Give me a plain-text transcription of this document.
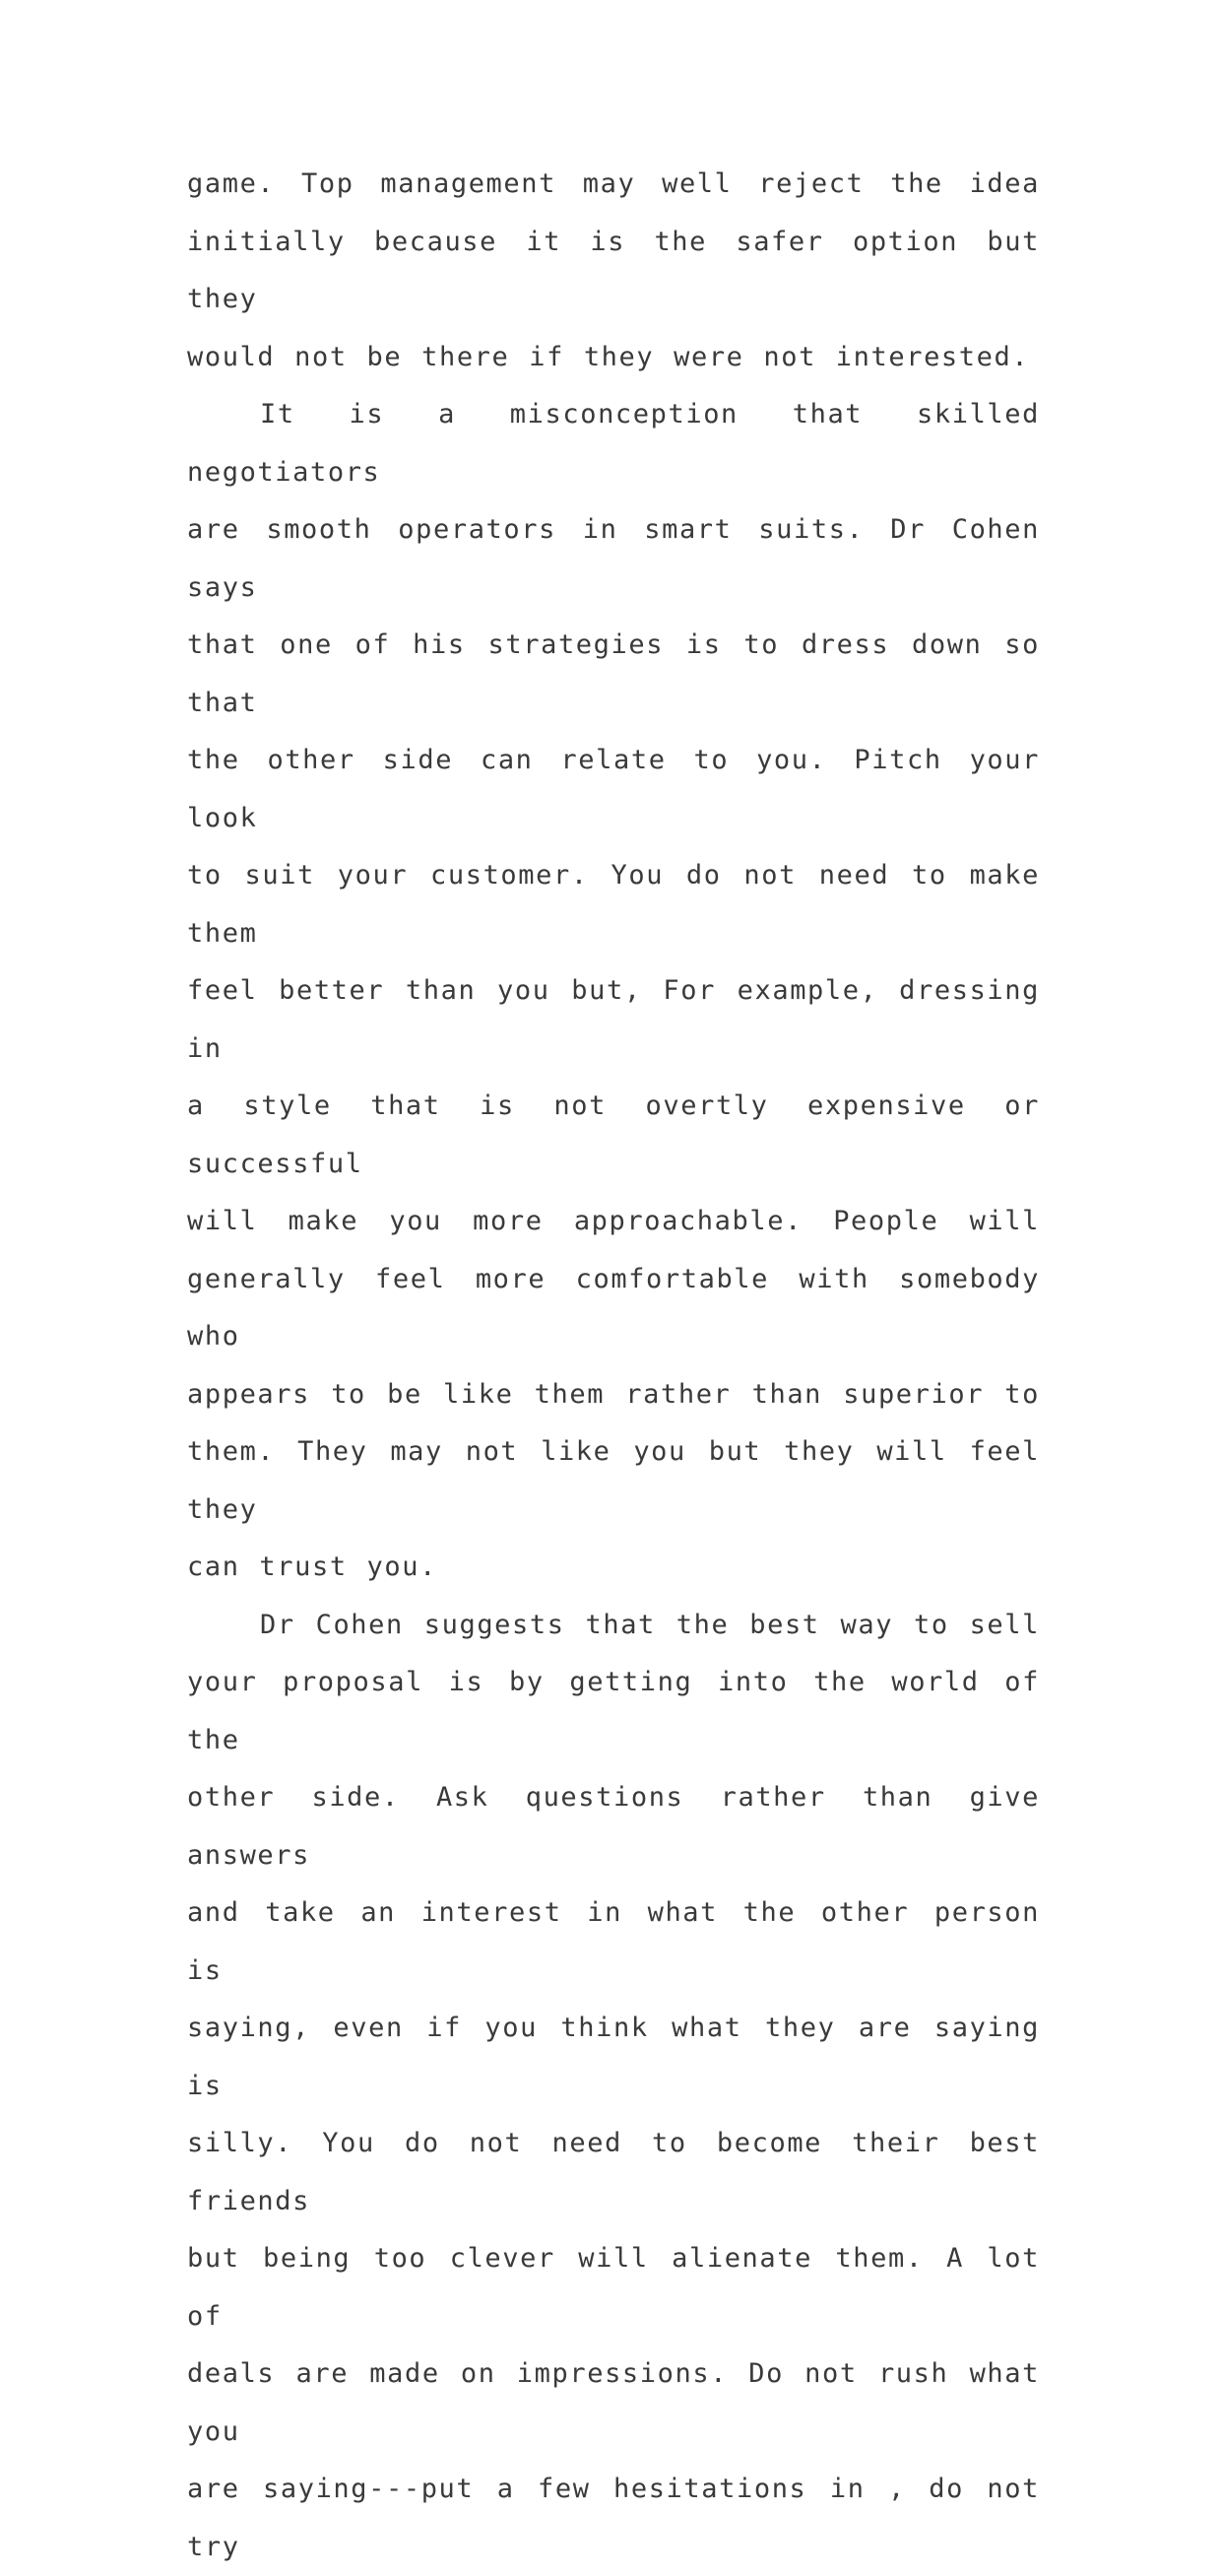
game. Top management may well reject the idea
initially because it is the safer option but they
would not be there if they were not interested.
It is a misconception that skilled negotiators
are smooth operators in smart suits. Dr Cohen says
that one of his strategies is to dress down so that
the other side can relate to you. Pitch your look
to suit your customer. You do not need to make them
feel better than you but, For example, dressing in
a style that is not overtly expensive or successful
will make you more approachable. People will
generally feel more comfortable with somebody who
appears to be like them rather than superior to
them. They may not like you but they will feel they
can trust you.
Dr Cohen suggests that the best way to sell
your proposal is by getting into the world of the
other side. Ask questions rather than give answers
and take an interest in what the other person is
saying, even if you think what they are saying is
silly. You do not need to become their best friends
but being too clever will alienate them. A lot of
deals are made on impressions. Do not rush what you
are saying---put a few hesitations in , do not try
